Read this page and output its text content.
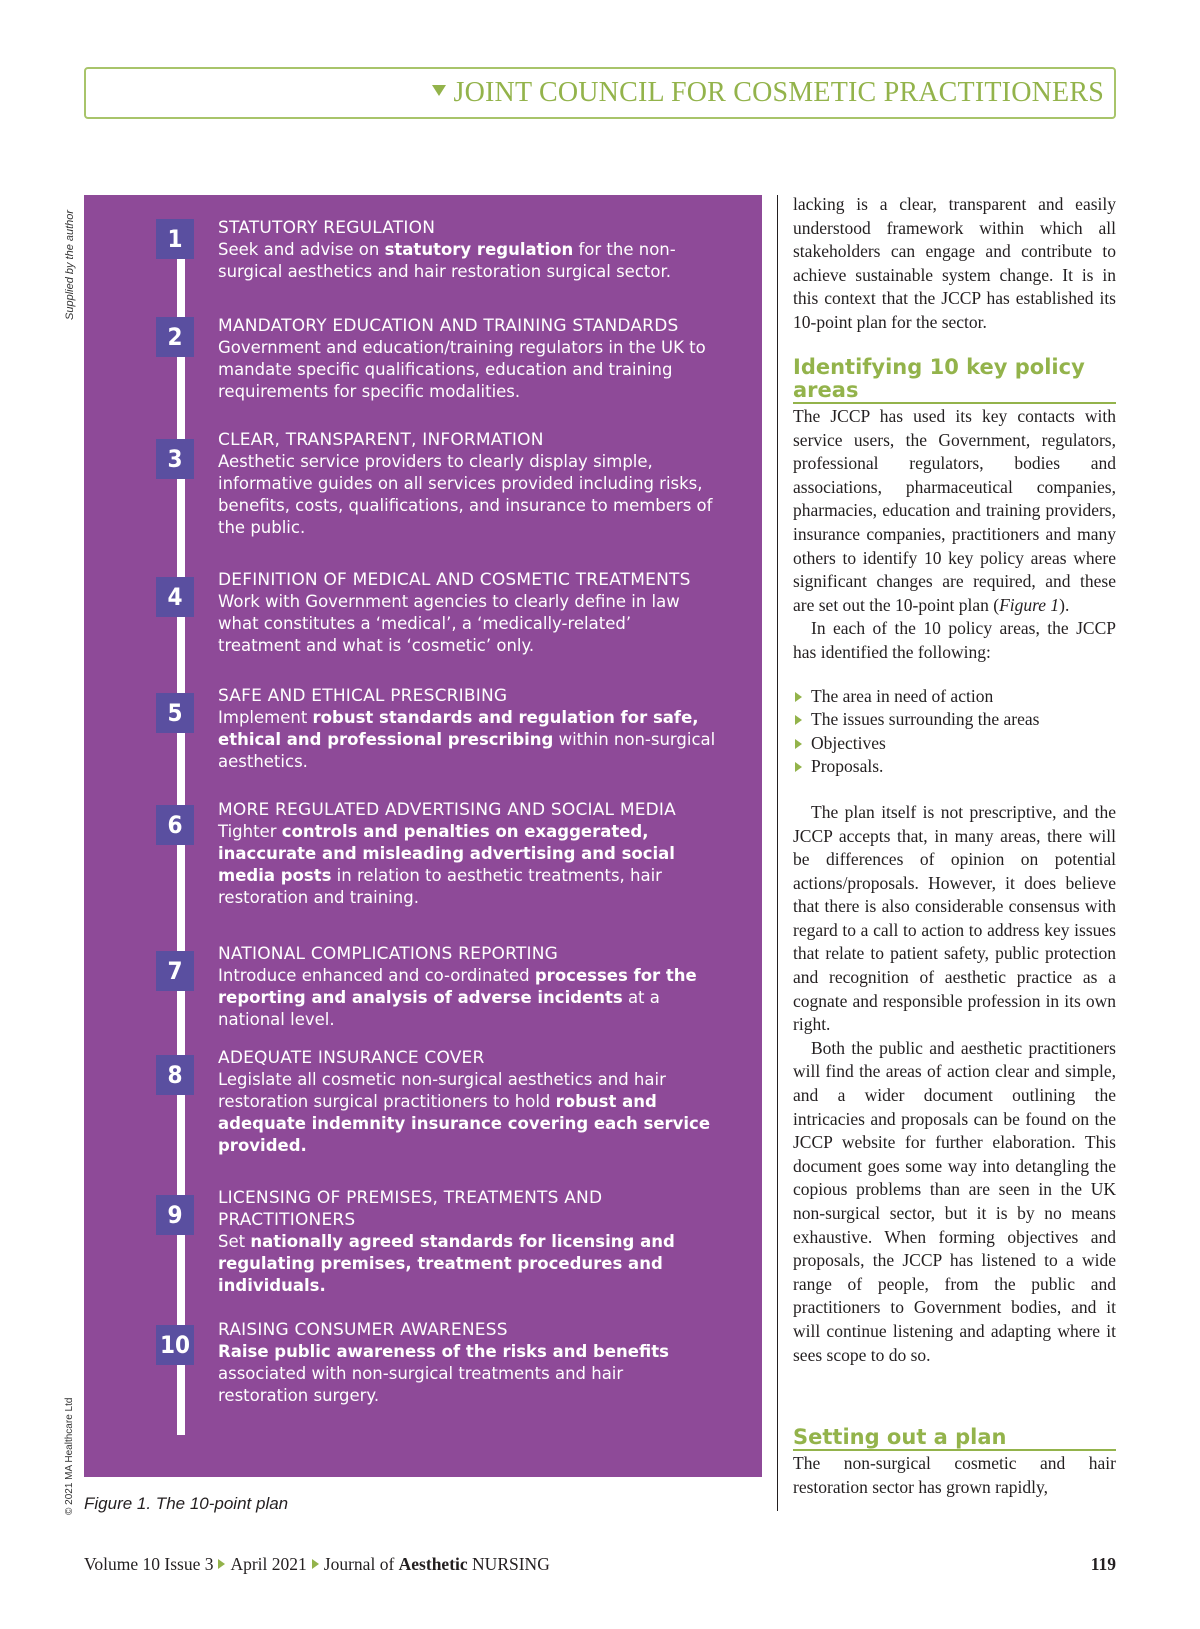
JOINT COUNCIL FOR COSMETIC PRACTITIONERS
Supplied by the author
© 2021 MA Healthcare Ltd
1	STATUTORY REGULATION
Seek and advise on statutory regulation for the non-surgical aesthetics and hair restoration surgical sector.
2	MANDATORY EDUCATION AND TRAINING STANDARDS
Government and education/training regulators in the UK to mandate specific qualifications, education and training requirements for specific modalities.
3
CLEAR, TRANSPARENT, INFORMATION
Aesthetic service providers to clearly display simple, informative guides on all services provided including risks, benefits, costs, qualifications, and insurance to members of the public.
4
DEFINITION OF MEDICAL AND COSMETIC TREATMENTS
Work with Government agencies to clearly define in law what constitutes a ‘medical’, a ‘medically-related’ treatment and what is ‘cosmetic’ only.
5
SAFE AND ETHICAL PRESCRIBING
Implement robust standards and regulation for safe, ethical and professional prescribing within non-surgical aesthetics.
6
MORE REGULATED ADVERTISING AND SOCIAL MEDIA
Tighter controls and penalties on exaggerated, inaccurate and misleading advertising and social media posts in relation to aesthetic treatments, hair restoration and training.
7
NATIONAL COMPLICATIONS REPORTING
Introduce enhanced and co-ordinated processes for the reporting and analysis of adverse incidents at a national level.
8
ADEQUATE INSURANCE COVER
Legislate all cosmetic non-surgical aesthetics and hair restoration surgical practitioners to hold robust and adequate indemnity insurance covering each service provided.
9
LICENSING OF PREMISES, TREATMENTS AND PRACTITIONERS
Set nationally agreed standards for licensing and regulating premises, treatment procedures and individuals.
10
RAISING CONSUMER AWARENESS
Raise public awareness of the risks and benefits associated with non-surgical treatments and hair restoration surgery.
Figure 1. The 10-point plan

lacking is a clear, transparent and easily understood framework within which all stakeholders can engage and contribute to achieve sustainable system change. It is in this context that the JCCP has established its 10-point plan for the sector.

Identifying 10 key policy areas

The JCCP has used its key contacts with service users, the Government, regulators, professional regulators, bodies and associations, pharmaceutical companies, pharmacies, education and training providers, insurance companies, practitioners and many others to identify 10 key policy areas where significant changes are required, and these are set out the 10-point plan (Figure 1).

In each of the 10 policy areas, the JCCP has identified the following:

The area in need of action
The issues surrounding the areas
Objectives
Proposals.

The plan itself is not prescriptive, and the JCCP accepts that, in many areas, there will be differences of opinion on potential actions/proposals. However, it does believe that there is also considerable consensus with regard to a call to action to address key issues that relate to patient safety, public protection and recognition of aesthetic practice as a cognate and responsible profession in its own right.

Both the public and aesthetic practitioners will find the areas of action clear and simple, and a wider document outlining the intricacies and proposals can be found on the JCCP website for further elaboration. This document goes some way into detangling the copious problems than are seen in the UK non-surgical sector, but it is by no means exhaustive. When forming objectives and proposals, the JCCP has listened to a wide range of people, from the public and practitioners to Government bodies, and it will continue listening and adapting where it sees scope to do so.

Setting out a plan

The non-surgical cosmetic and hair restoration sector has grown rapidly,

Volume 10 Issue 3 April 2021 Journal of Aesthetic NURSING	119
